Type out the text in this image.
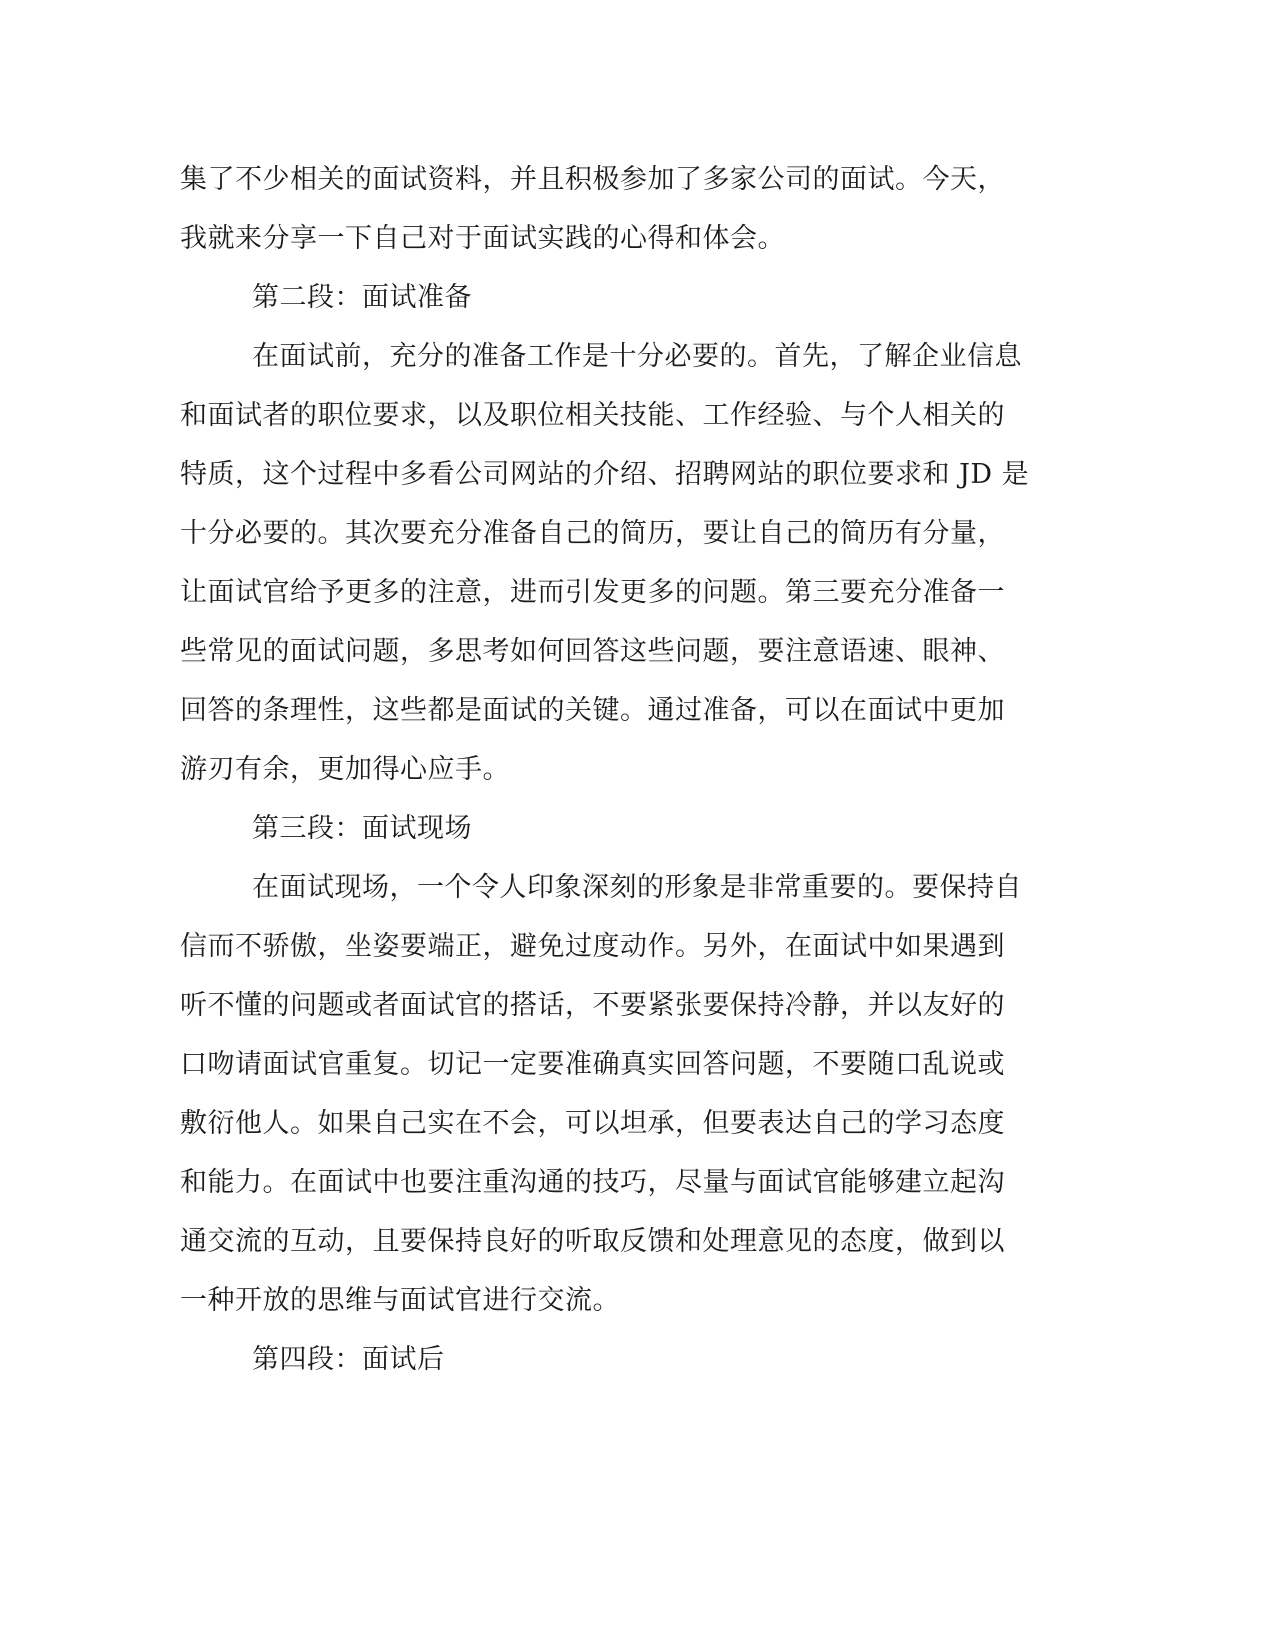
集了不少相关的面试资料，并且积极参加了多家公司的面试。今天，
我就来分享一下自己对于面试实践的心得和体会。
第二段：面试准备
在面试前，充分的准备工作是十分必要的。首先，了解企业信息
和面试者的职位要求，以及职位相关技能、工作经验、与个人相关的
特质，这个过程中多看公司网站的介绍、招聘网站的职位要求和 JD 是
十分必要的。其次要充分准备自己的简历，要让自己的简历有分量，
让面试官给予更多的注意，进而引发更多的问题。第三要充分准备一
些常见的面试问题，多思考如何回答这些问题，要注意语速、眼神、
回答的条理性，这些都是面试的关键。通过准备，可以在面试中更加
游刃有余，更加得心应手。
第三段：面试现场
在面试现场，一个令人印象深刻的形象是非常重要的。要保持自
信而不骄傲，坐姿要端正，避免过度动作。另外，在面试中如果遇到
听不懂的问题或者面试官的搭话，不要紧张要保持冷静，并以友好的
口吻请面试官重复。切记一定要准确真实回答问题，不要随口乱说或
敷衍他人。如果自己实在不会，可以坦承，但要表达自己的学习态度
和能力。在面试中也要注重沟通的技巧，尽量与面试官能够建立起沟
通交流的互动，且要保持良好的听取反馈和处理意见的态度，做到以
一种开放的思维与面试官进行交流。
第四段：面试后
